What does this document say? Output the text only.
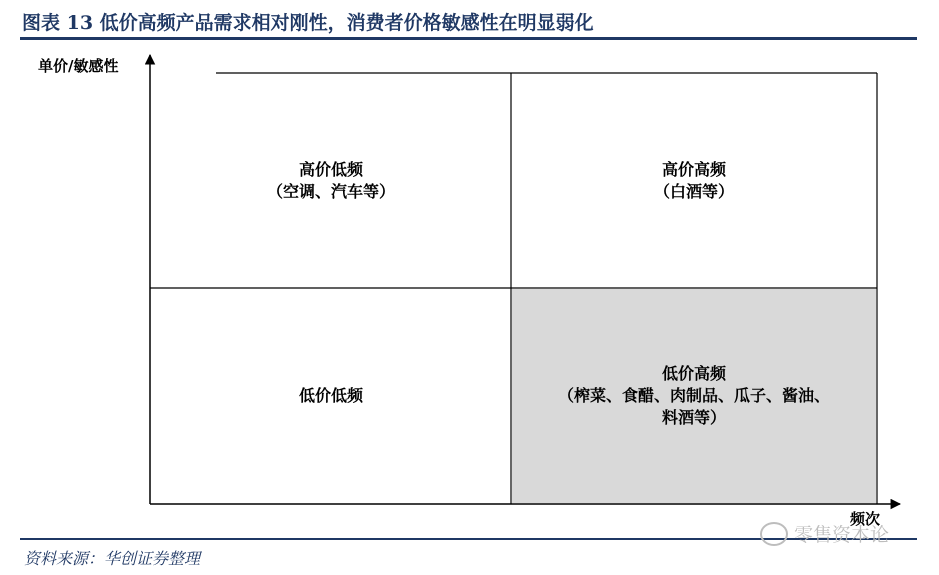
图表 13 低价高频产品需求相对刚性，消费者价格敏感性在明显弱化
单价/敏感性
频次
高价低频
（空调、汽车等）
高价高频
（白酒等）
低价低频
低价高频
（榨菜、食醋、肉制品、瓜子、酱油、
料酒等）
资料来源：华创证券整理
零售资本论
